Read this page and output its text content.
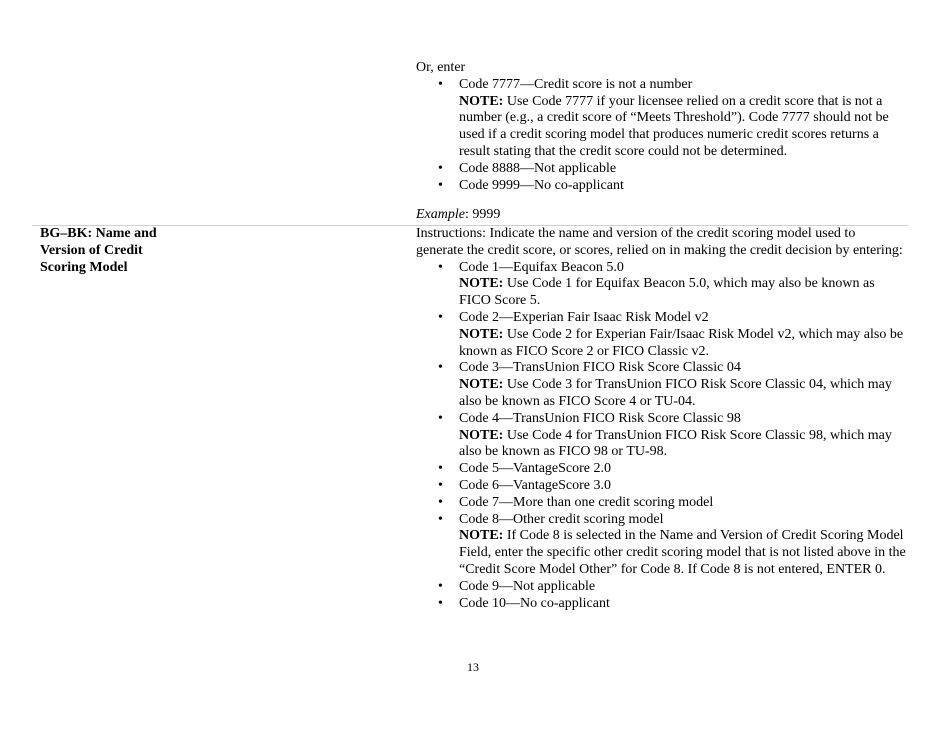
Or, enter
• Code 7777—Credit score is not a number
NOTE: Use Code 7777 if your licensee relied on a credit score that is not a number (e.g., a credit score of “Meets Threshold”). Code 7777 should not be used if a credit scoring model that produces numeric credit scores returns a result stating that the credit score could not be determined.
• Code 8888—Not applicable
• Code 9999—No co-applicant
Example: 9999
BG–BK: Name and Version of Credit Scoring Model
Instructions: Indicate the name and version of the credit scoring model used to generate the credit score, or scores, relied on in making the credit decision by entering:
• Code 1—Equifax Beacon 5.0
NOTE: Use Code 1 for Equifax Beacon 5.0, which may also be known as FICO Score 5.
• Code 2—Experian Fair Isaac Risk Model v2
NOTE: Use Code 2 for Experian Fair/Isaac Risk Model v2, which may also be known as FICO Score 2 or FICO Classic v2.
• Code 3—TransUnion FICO Risk Score Classic 04
NOTE: Use Code 3 for TransUnion FICO Risk Score Classic 04, which may also be known as FICO Score 4 or TU-04.
• Code 4—TransUnion FICO Risk Score Classic 98
NOTE: Use Code 4 for TransUnion FICO Risk Score Classic 98, which may also be known as FICO 98 or TU-98.
• Code 5—VantageScore 2.0
• Code 6—VantageScore 3.0
• Code 7—More than one credit scoring model
• Code 8—Other credit scoring model
NOTE: If Code 8 is selected in the Name and Version of Credit Scoring Model Field, enter the specific other credit scoring model that is not listed above in the “Credit Score Model Other” for Code 8. If Code 8 is not entered, ENTER 0.
• Code 9—Not applicable
• Code 10—No co-applicant
13
